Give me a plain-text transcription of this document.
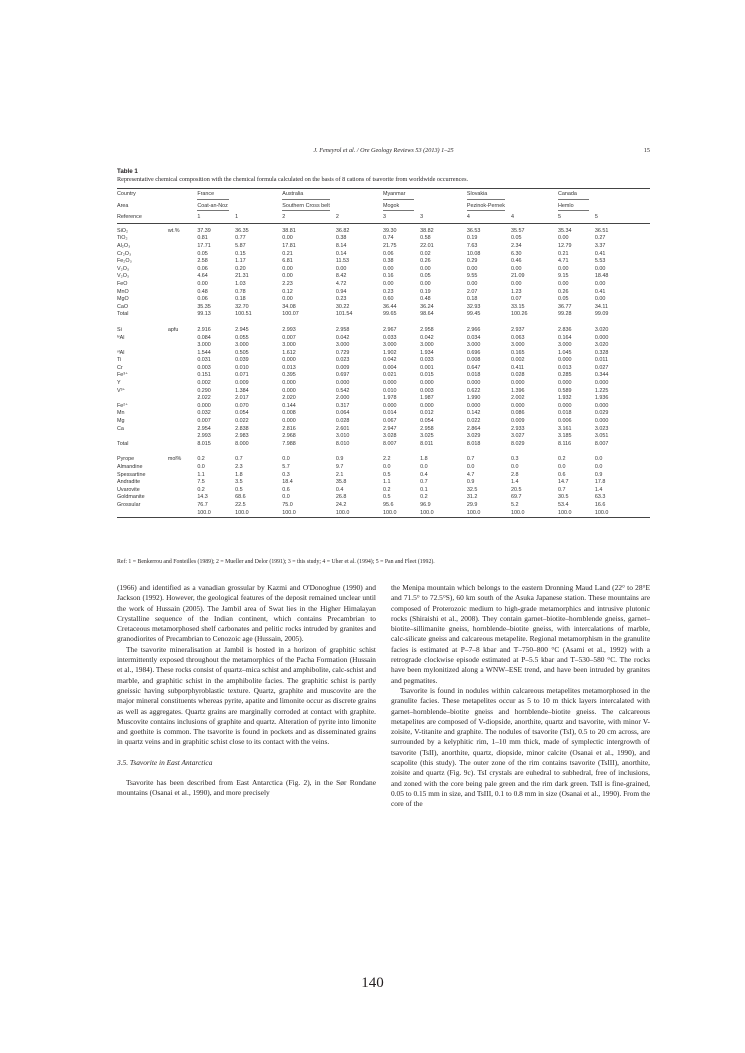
J. Feneyrol et al. / Ore Geology Reviews 53 (2013) 1–25	15
Table 1
Representative chemical composition with the chemical formula calculated on the basis of 8 cations of tsavorite from worldwide occurrences.
Country		France		Australia		Myanmar		Slovakia		Canada	

Area		Coat-an-Noz		Southern Cross belt		Mogok		Pezinok-Pernek		Hemlo	

Reference		1	1	2	2	3	3	4	4	5	5

SiO₂	wt.%	37.39	36.35	38.81	36.82	39.30	38.82	36.53	35.57	35.34	36.51
TiO₂		0.81	0.77	0.00	0.38	0.74	0.58	0.19	0.05	0.00	0.27
Al₂O₃		17.71	5.87	17.81	8.14	21.75	22.01	7.63	2.34	12.79	3.37
Cr₂O₃		0.05	0.15	0.21	0.14	0.06	0.02	10.08	6.30	0.21	0.41
Fe₂O₃		2.58	1.17	6.81	11.53	0.38	0.26	0.29	0.46	4.71	5.53
V₂O₃		0.06	0.20	0.00	0.00	0.00	0.00	0.00	0.00	0.00	0.00
V₂O₃		4.64	21.31	0.00	8.42	0.16	0.05	9.55	21.09	9.15	18.48
FeO		0.00	1.03	2.23	4.72	0.00	0.00	0.00	0.00	0.00	0.00
MnO		0.48	0.78	0.12	0.94	0.23	0.19	2.07	1.23	0.26	0.41
MgO		0.06	0.18	0.00	0.23	0.60	0.48	0.18	0.07	0.05	0.00
CaO		35.35	32.70	34.08	30.22	36.44	36.24	32.93	33.15	36.77	34.11
Total		99.13	100.51	100.07	101.54	99.65	98.64	99.45	100.26	99.28	99.09

Si	apfu	2.916	2.945	2.993	2.958	2.967	2.958	2.966	2.937	2.836	3.020
ᴵᵛAl		0.084	0.055	0.007	0.042	0.033	0.042	0.034	0.063	0.164	0.000
		3.000	3.000	3.000	3.000	3.000	3.000	3.000	3.000	3.000	3.020
ᵛᴵAl		1.544	0.505	1.612	0.729	1.902	1.934	0.696	0.165	1.045	0.328
Ti		0.031	0.039	0.000	0.023	0.042	0.033	0.008	0.002	0.000	0.011
Cr		0.003	0.010	0.013	0.009	0.004	0.001	0.647	0.411	0.013	0.027
Fe³⁺		0.151	0.071	0.395	0.697	0.021	0.015	0.018	0.028	0.285	0.344
Y		0.002	0.009	0.000	0.000	0.000	0.000	0.000	0.000	0.000	0.000
V³⁺		0.290	1.384	0.000	0.542	0.010	0.003	0.622	1.396	0.589	1.225
		2.022	2.017	2.020	2.000	1.978	1.987	1.990	2.002	1.932	1.936
Fe²⁺		0.000	0.070	0.144	0.317	0.000	0.000	0.000	0.000	0.000	0.000
Mn		0.032	0.054	0.008	0.064	0.014	0.012	0.142	0.086	0.018	0.029
Mg		0.007	0.022	0.000	0.028	0.067	0.054	0.022	0.009	0.006	0.000
Ca		2.954	2.838	2.816	2.601	2.947	2.958	2.864	2.933	3.161	3.023
		2.993	2.983	2.968	3.010	3.028	3.025	3.029	3.027	3.185	3.051
Total		8.015	8.000	7.988	8.010	8.007	8.011	8.018	8.029	8.116	8.007

Pyrope	mol%	0.2	0.7	0.0	0.9	2.2	1.8	0.7	0.3	0.2	0.0
Almandine		0.0	2.3	5.7	9.7	0.0	0.0	0.0	0.0	0.0	0.0
Spessartine		1.1	1.8	0.3	2.1	0.5	0.4	4.7	2.8	0.6	0.9
Andradite		7.5	3.5	18.4	35.8	1.1	0.7	0.9	1.4	14.7	17.8
Uvarovite		0.2	0.5	0.6	0.4	0.2	0.1	32.5	20.5	0.7	1.4
Goldmanite		14.3	68.6	0.0	26.8	0.5	0.2	31.2	69.7	30.5	63.3
Grossular		76.7	22.5	75.0	24.2	95.6	96.9	29.9	5.2	53.4	16.6
		100.0	100.0	100.0	100.0	100.0	100.0	100.0	100.0	100.0	100.0
Ref: 1 = Benkerrou and Fonteilles (1989); 2 = Mueller and Delor (1991); 3 = this study; 4 = Uher et al. (1994); 5 = Pan and Fleet (1992).

(1966) and identified as a vanadian grossular by Kazmi and O'Donoghue (1990) and Jackson (1992). However, the geological features of the deposit remained unclear until the work of Hussain (2005). The Jambil area of Swat lies in the Higher Himalayan Crystalline sequence of the Indian continent, which contains Precambrian to Cretaceous metamorphosed shelf carbonates and pelitic rocks intruded by granites and granodiorites of Precambrian to Cenozoic age (Hussain, 2005).

The tsavorite mineralisation at Jambil is hosted in a horizon of graphitic schist intermittently exposed throughout the metamorphics of the Pacha Formation (Hussain et al., 1984). These rocks consist of quartz–mica schist and amphibolite, calc-schist and marble, and graphitic schist in the amphibolite facies. The graphitic schist is partly gneissic having subporphyroblastic texture. Quartz, graphite and muscovite are the major mineral constituents whereas pyrite, apatite and limonite occur as discrete grains as well as aggregates. Quartz grains are marginally corroded at contact with graphite. Muscovite contains inclusions of graphite and quartz. Alteration of pyrite into limonite and goethite is common. The tsavorite is found in pockets and as disseminated grains in quartz veins and in graphitic schist close to its contact with the veins.

3.5. Tsavorite in East Antarctica

Tsavorite has been described from East Antarctica (Fig. 2), in the Sør Rondane mountains (Osanai et al., 1990), and more precisely

the Menipa mountain which belongs to the eastern Dronning Maud Land (22° to 28°E and 71.5° to 72.5°S), 60 km south of the Asuka Japanese station. These mountains are composed of Proterozoic medium to high-grade metamorphics and intrusive plutonic rocks (Shiraishi et al., 2008). They contain garnet–biotite–hornblende gneiss, garnet–biotite–sillimanite gneiss, hornblende–biotite gneiss, with intercalations of marble, calc-silicate gneiss and calcareous metapelite. Regional metamorphism in the granulite facies is estimated at P–7–8 kbar and T–750–800 °C (Asami et al., 1992) with a retrograde clockwise episode estimated at P–5.5 kbar and T–530–580 °C. The rocks have been mylonitized along a WNW–ESE trend, and have been intruded by granites and pegmatites.

Tsavorite is found in nodules within calcareous metapelites metamorphosed in the granulite facies. These metapelites occur as 5 to 10 m thick layers intercalated with garnet–hornblende–biotite gneiss and hornblende–biotite gneiss. The calcareous metapelites are composed of V-diopside, anorthite, quartz and tsavorite, with minor V-zoisite, V-titanite and graphite. The nodules of tsavorite (TsI), 0.5 to 20 cm across, are surrounded by a kelyphitic rim, 1–10 mm thick, made of symplectic intergrowth of tsavorite (TsII), anorthite, quartz, diopside, minor calcite (Osanai et al., 1990), and scapolite (this study). The outer zone of the rim contains tsavorite (TsIII), anorthite, zoisite and quartz (Fig. 9c). TsI crystals are euhedral to subhedral, free of inclusions, and zoned with the core being pale green and the rim dark green. TsII is fine-grained, 0.05 to 0.15 mm in size, and TsIII, 0.1 to 0.8 mm in size (Osanai et al., 1990). From the core of the

140
